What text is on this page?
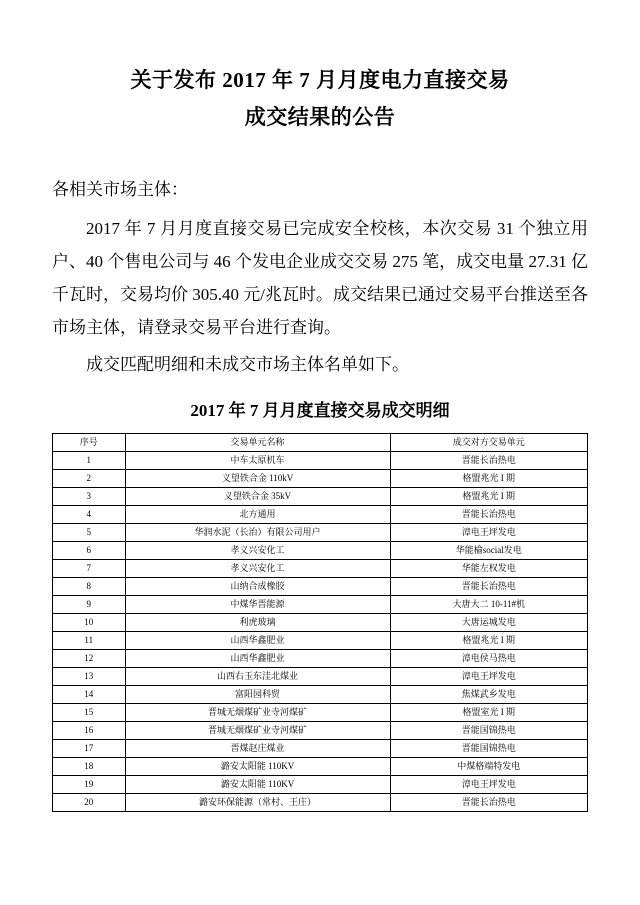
关于发布 2017 年 7 月月度电力直接交易
成交结果的公告
各相关市场主体：
2017 年 7 月月度直接交易已完成安全校核，本次交易 31 个独立用户、40 个售电公司与 46 个发电企业成交交易 275 笔，成交电量 27.31 亿千瓦时，交易均价 305.40 元/兆瓦时。成交结果已通过交易平台推送至各市场主体，请登录交易平台进行查询。
成交匹配明细和未成交市场主体名单如下。
2017 年 7 月月度直接交易成交明细
序号	交易单元名称	成交对方交易单元
1	中车太原机车	晋能长治热电
2	义望铁合金 110kV	格盟兆光 I 期
3	义望铁合金 35kV	格盟兆光 I 期
4	北方通用	晋能长治热电
5	华润水泥（长治）有限公司用户	漳电王坪发电
6	孝义兴安化工	华能榆social发电
7	孝义兴安化工	华能左权发电
8	山纳合成橡胶	晋能长治热电
9	中煤华晋能源	大唐大二 10-11#机
10	利虎玻璃	大唐运城发电
11	山西华鑫肥业	格盟兆光 I 期
12	山西华鑫肥业	漳电侯马热电
13	山西右玉东洼北煤业	漳电王坪发电
14	富阳园科贸	焦煤武乡发电
15	晋城无烟煤矿业寺河煤矿	格盟室光 I 期
16	晋城无烟煤矿业寺河煤矿	晋能国锦热电
17	晋煤赵庄煤业	晋能国锦热电
18	潞安太阳能 110KV	中煤格端特发电
19	潞安太阳能 110KV	漳电王坪发电
20	潞安环保能源（常村、王庄）	晋能长治热电
